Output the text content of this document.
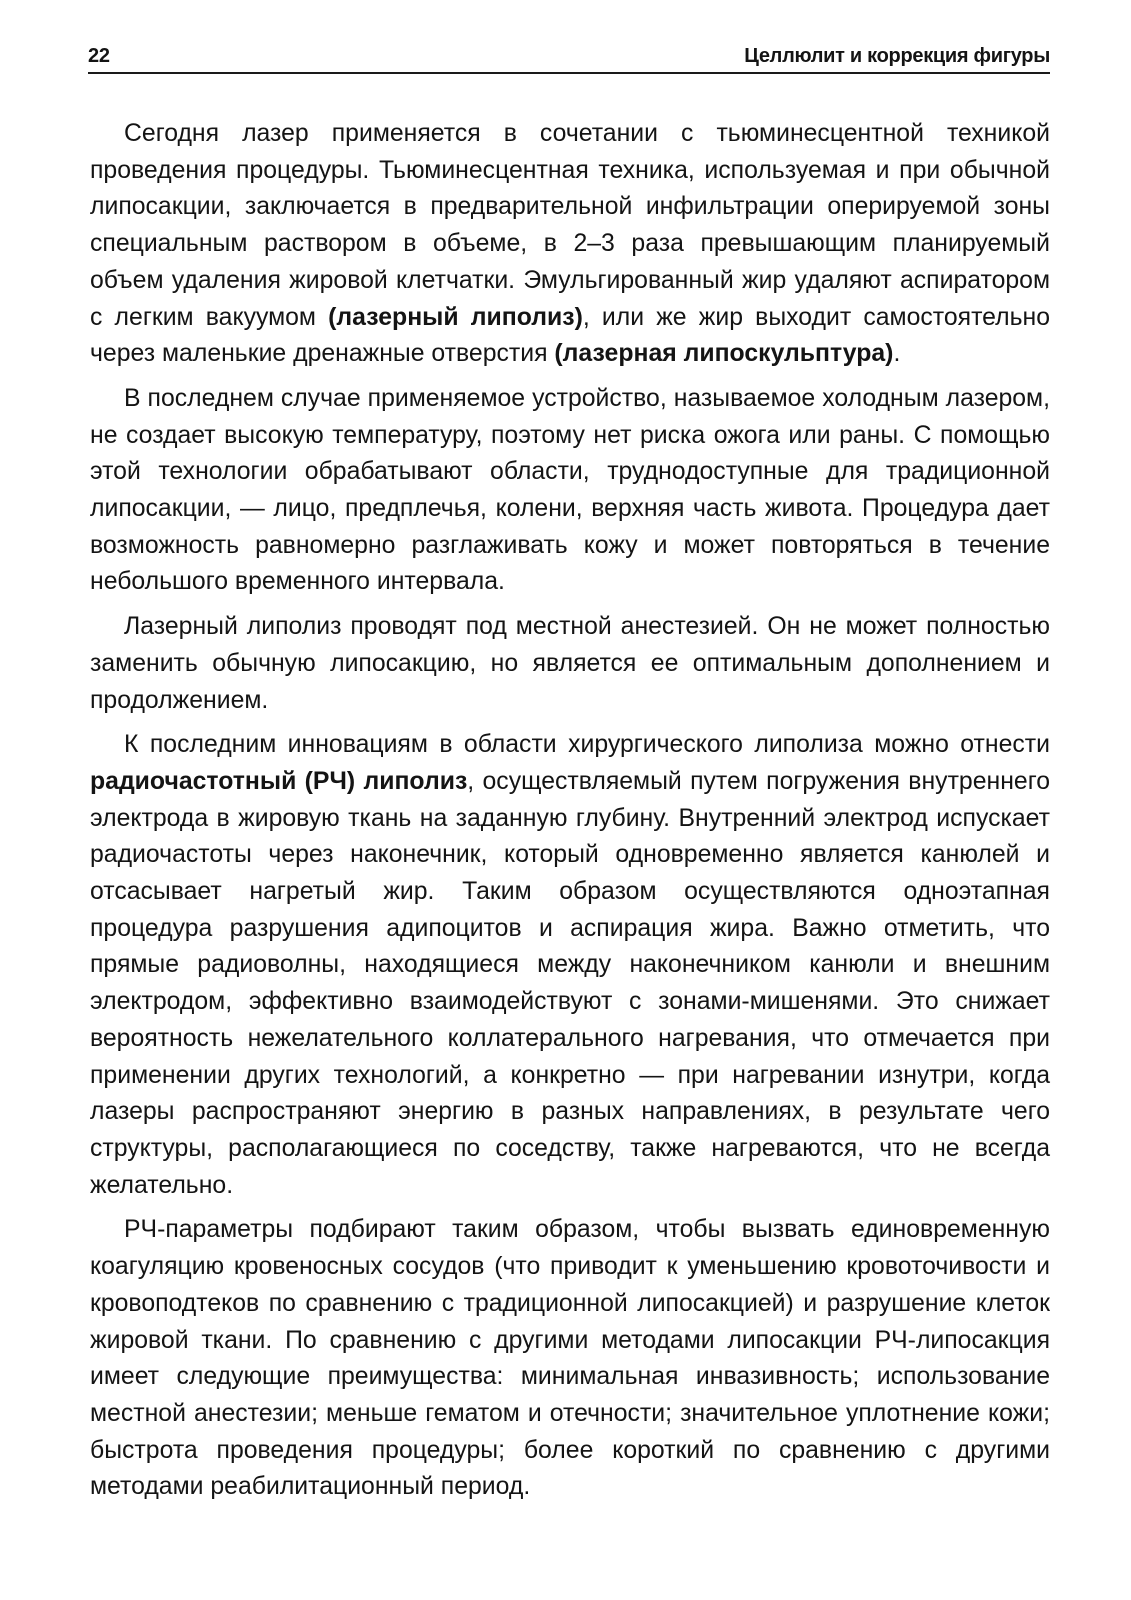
22	Целлюлит и коррекция фигуры

Сегодня лазер применяется в сочетании с тьюминесцентной техникой проведения процедуры. Тьюминесцентная техника, используемая и при обычной липосакции, заключается в предварительной инфильтрации оперируемой зоны специальным раствором в объеме, в 2–3 раза превышающим планируемый объем удаления жировой клетчатки. Эмульгированный жир удаляют аспиратором с легким вакуумом (лазерный липолиз), или же жир выходит самостоятельно через маленькие дренажные отверстия (лазерная липоскульптура).

В последнем случае применяемое устройство, называемое холодным лазером, не создает высокую температуру, поэтому нет риска ожога или раны. С помощью этой технологии обрабатывают области, труднодоступные для традиционной липосакции, — лицо, предплечья, колени, верхняя часть живота. Процедура дает возможность равномерно разглаживать кожу и может повторяться в течение небольшого временного интервала.

Лазерный липолиз проводят под местной анестезией. Он не может полностью заменить обычную липосакцию, но является ее оптимальным дополнением и продолжением.

К последним инновациям в области хирургического липолиза можно отнести радиочастотный (РЧ) липолиз, осуществляемый путем погружения внутреннего электрода в жировую ткань на заданную глубину. Внутренний электрод испускает радиочастоты через наконечник, который одновременно является канюлей и отсасывает нагретый жир. Таким образом осуществляются одноэтапная процедура разрушения адипоцитов и аспирация жира. Важно отметить, что прямые радиоволны, находящиеся между наконечником канюли и внешним электродом, эффективно взаимодействуют с зонами-мишенями. Это снижает вероятность нежелательного коллатерального нагревания, что отмечается при применении других технологий, а конкретно — при нагревании изнутри, когда лазеры распространяют энергию в разных направлениях, в результате чего структуры, располагающиеся по соседству, также нагреваются, что не всегда желательно.

РЧ-параметры подбирают таким образом, чтобы вызвать единовременную коагуляцию кровеносных сосудов (что приводит к уменьшению кровоточивости и кровоподтеков по сравнению с традиционной липосакцией) и разрушение клеток жировой ткани. По сравнению с другими методами липосакции РЧ-липосакция имеет следующие преимущества: минимальная инвазивность; использование местной анестезии; меньше гематом и отечности; значительное уплотнение кожи; быстрота проведения процедуры; более короткий по сравнению с другими методами реабилитационный период.
